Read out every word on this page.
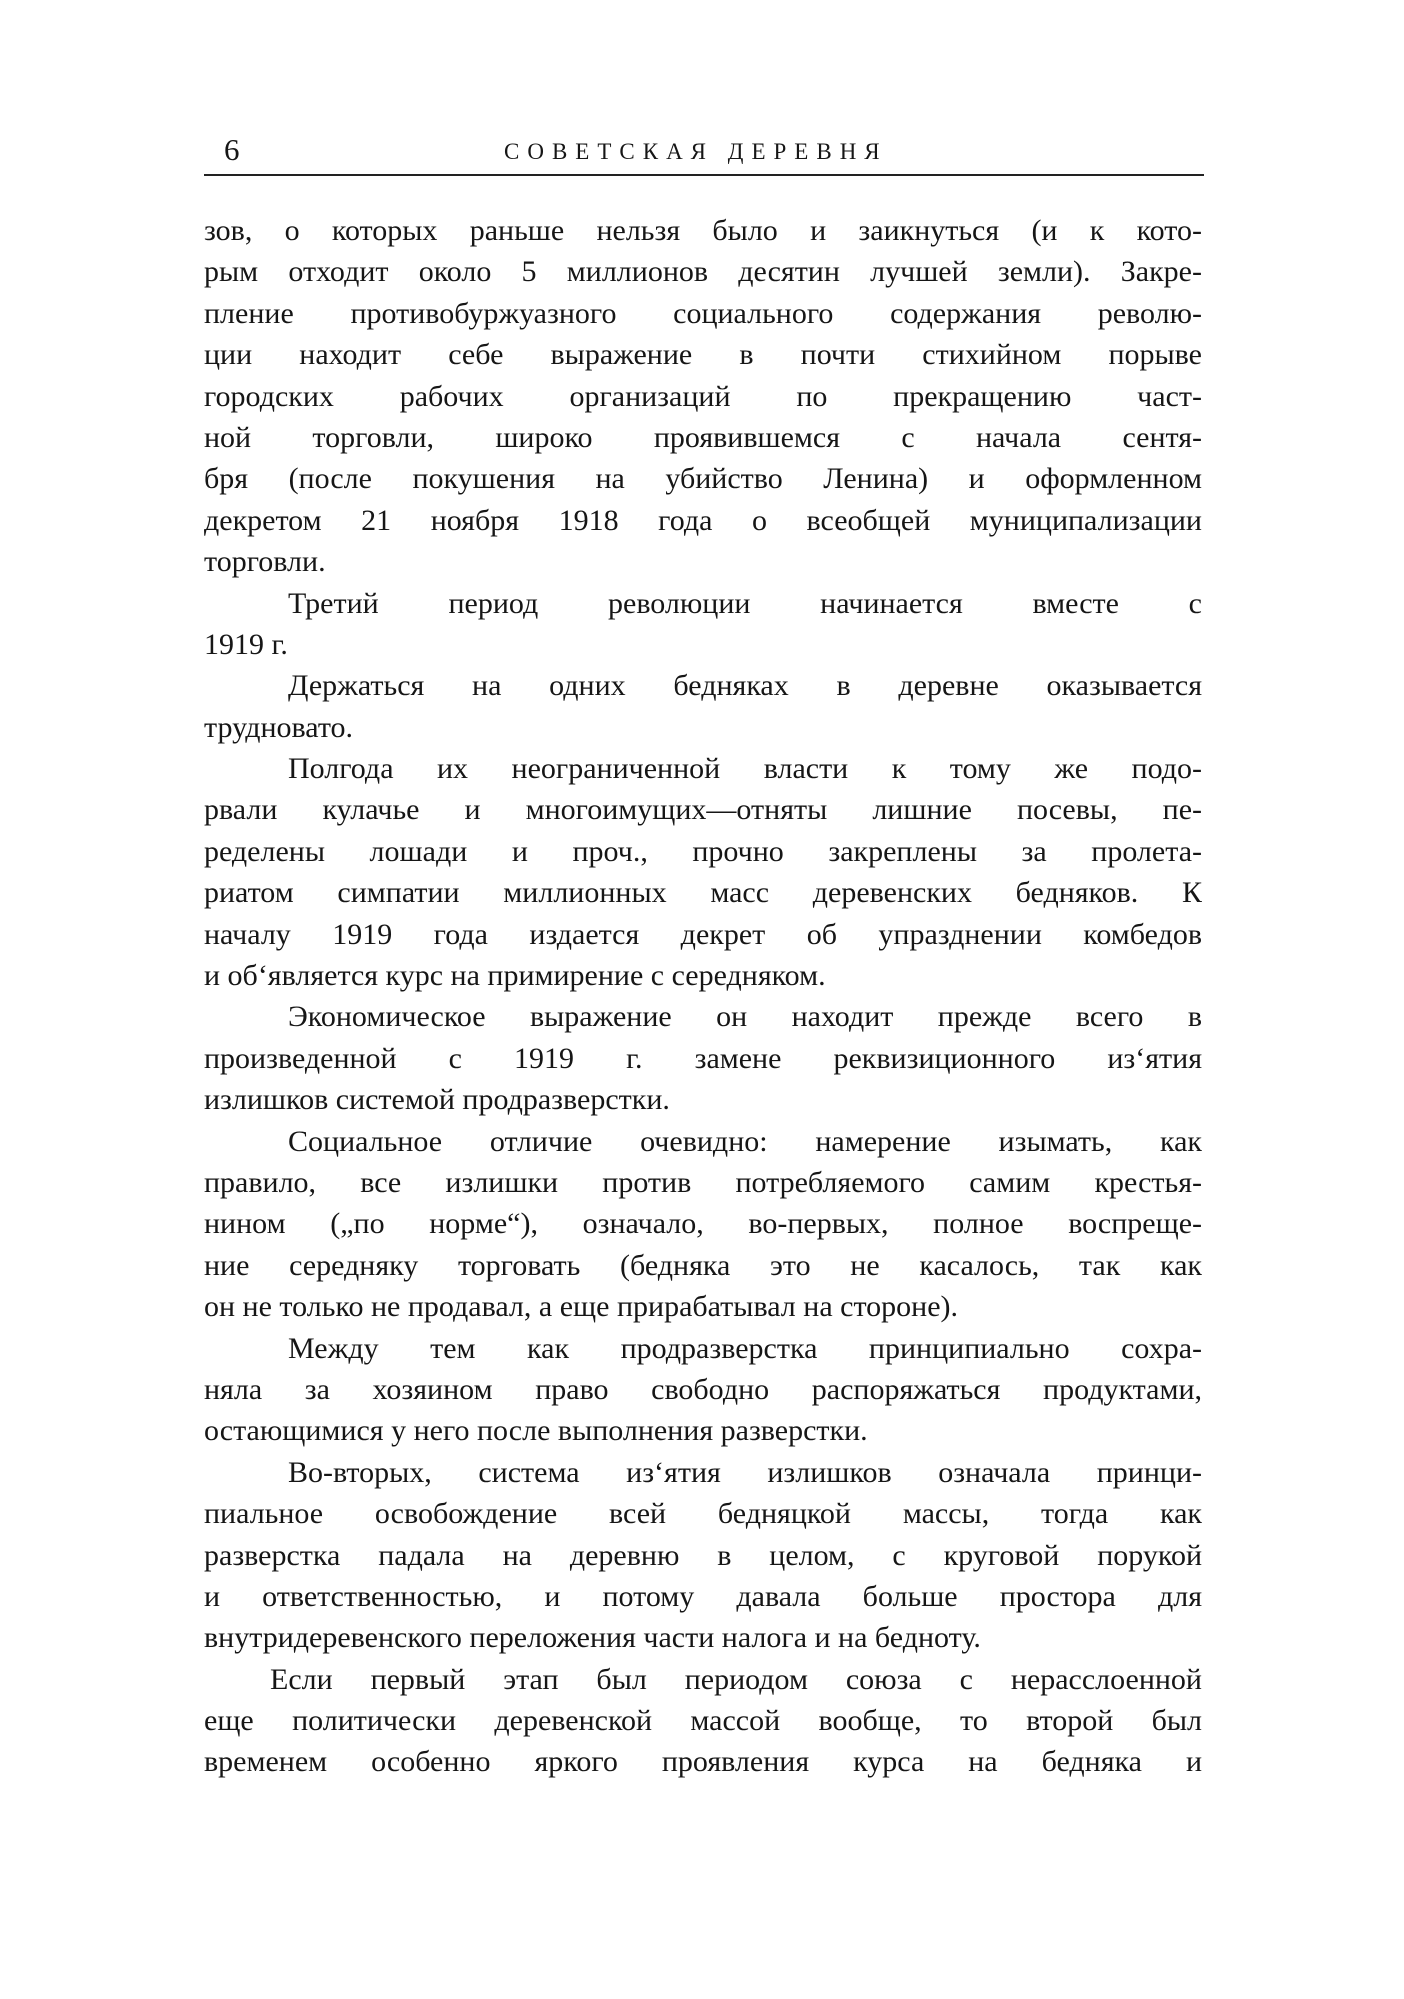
6	СОВЕТСКАЯ ДЕРЕВНЯ
зов, о которых раньше нельзя было и заикнуться (и к кото-
рым отходит около 5 миллионов десятин лучшей земли). Закре-
пление противобуржуазного социального содержания револю-
ции находит себе выражение в почти стихийном порыве
городских рабочих организаций по прекращению част-
ной торговли, широко проявившемся с начала сентя-
бря (после покушения на убийство Ленина) и оформленном
декретом 21 ноября 1918 года о всеобщей муниципализации
торговли.
Третий период революции начинается вместе с
1919 г.
Держаться на одних бедняках в деревне оказывается
трудновато.
Полгода их неограниченной власти к тому же подо-
рвали кулачье и многоимущих—отняты лишние посевы, пе-
ределены лошади и проч., прочно закреплены за пролета-
риатом симпатии миллионных масс деревенских бедняков. К
началу 1919 года издается декрет об упразднении комбедов
и об‘является курс на примирение с середняком.
Экономическое выражение он находит прежде всего в
произведенной с 1919 г. замене реквизиционного из‘ятия
излишков системой продразверстки.
Социальное отличие очевидно: намерение изымать, как
правило, все излишки против потребляемого самим крестья-
нином („по норме“), означало, во-первых, полное воспреще-
ние середняку торговать (бедняка это не касалось, так как
он не только не продавал, а еще прирабатывал на стороне).
Между тем как продразверстка принципиально сохра-
няла за хозяином право свободно распоряжаться продуктами,
остающимися у него после выполнения разверстки.
Во-вторых, система из‘ятия излишков означала принци-
пиальное освобождение всей бедняцкой массы, тогда как
разверстка падала на деревню в целом, с круговой порукой
и ответственностью, и потому давала больше простора для
внутридеревенского переложения части налога и на бедноту.
Если первый этап был периодом союза с нерасслоенной
еще политически деревенской массой вообще, то второй был
временем особенно яркого проявления курса на бедняка и
